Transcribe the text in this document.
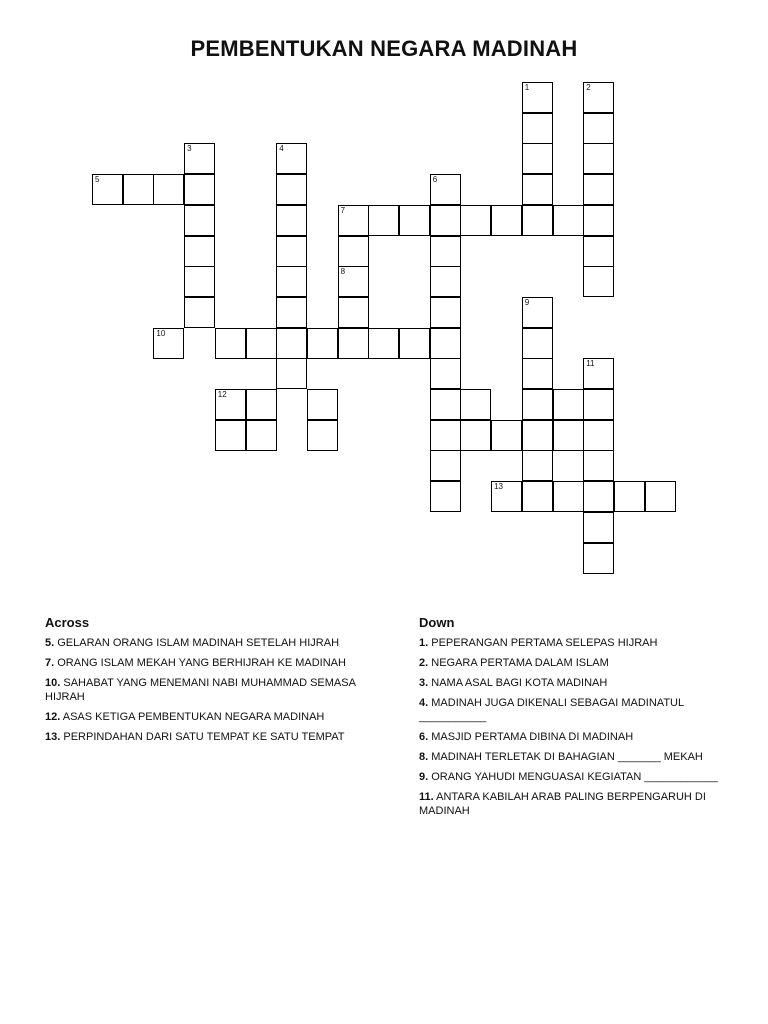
PEMBENTUKAN NEGARA MADINAH
1	2
3	4
5	6
7
8
9
10
11
12
13
Across
5. GELARAN ORANG ISLAM MADINAH SETELAH HIJRAH
7. ORANG ISLAM MEKAH YANG BERHIJRAH KE MADINAH
10. SAHABAT YANG MENEMANI NABI MUHAMMAD SEMASA HIJRAH
12. ASAS KETIGA PEMBENTUKAN NEGARA MADINAH
13. PERPINDAHAN DARI SATU TEMPAT KE SATU TEMPAT
Down
1. PEPERANGAN PERTAMA SELEPAS HIJRAH
2. NEGARA PERTAMA DALAM ISLAM
3. NAMA ASAL BAGI KOTA MADINAH
4. MADINAH JUGA DIKENALI SEBAGAI MADINATUL ___________
6. MASJID PERTAMA DIBINA DI MADINAH
8. MADINAH TERLETAK DI BAHAGIAN _______ MEKAH
9. ORANG YAHUDI MENGUASAI KEGIATAN ____________
11. ANTARA KABILAH ARAB PALING BERPENGARUH DI MADINAH
